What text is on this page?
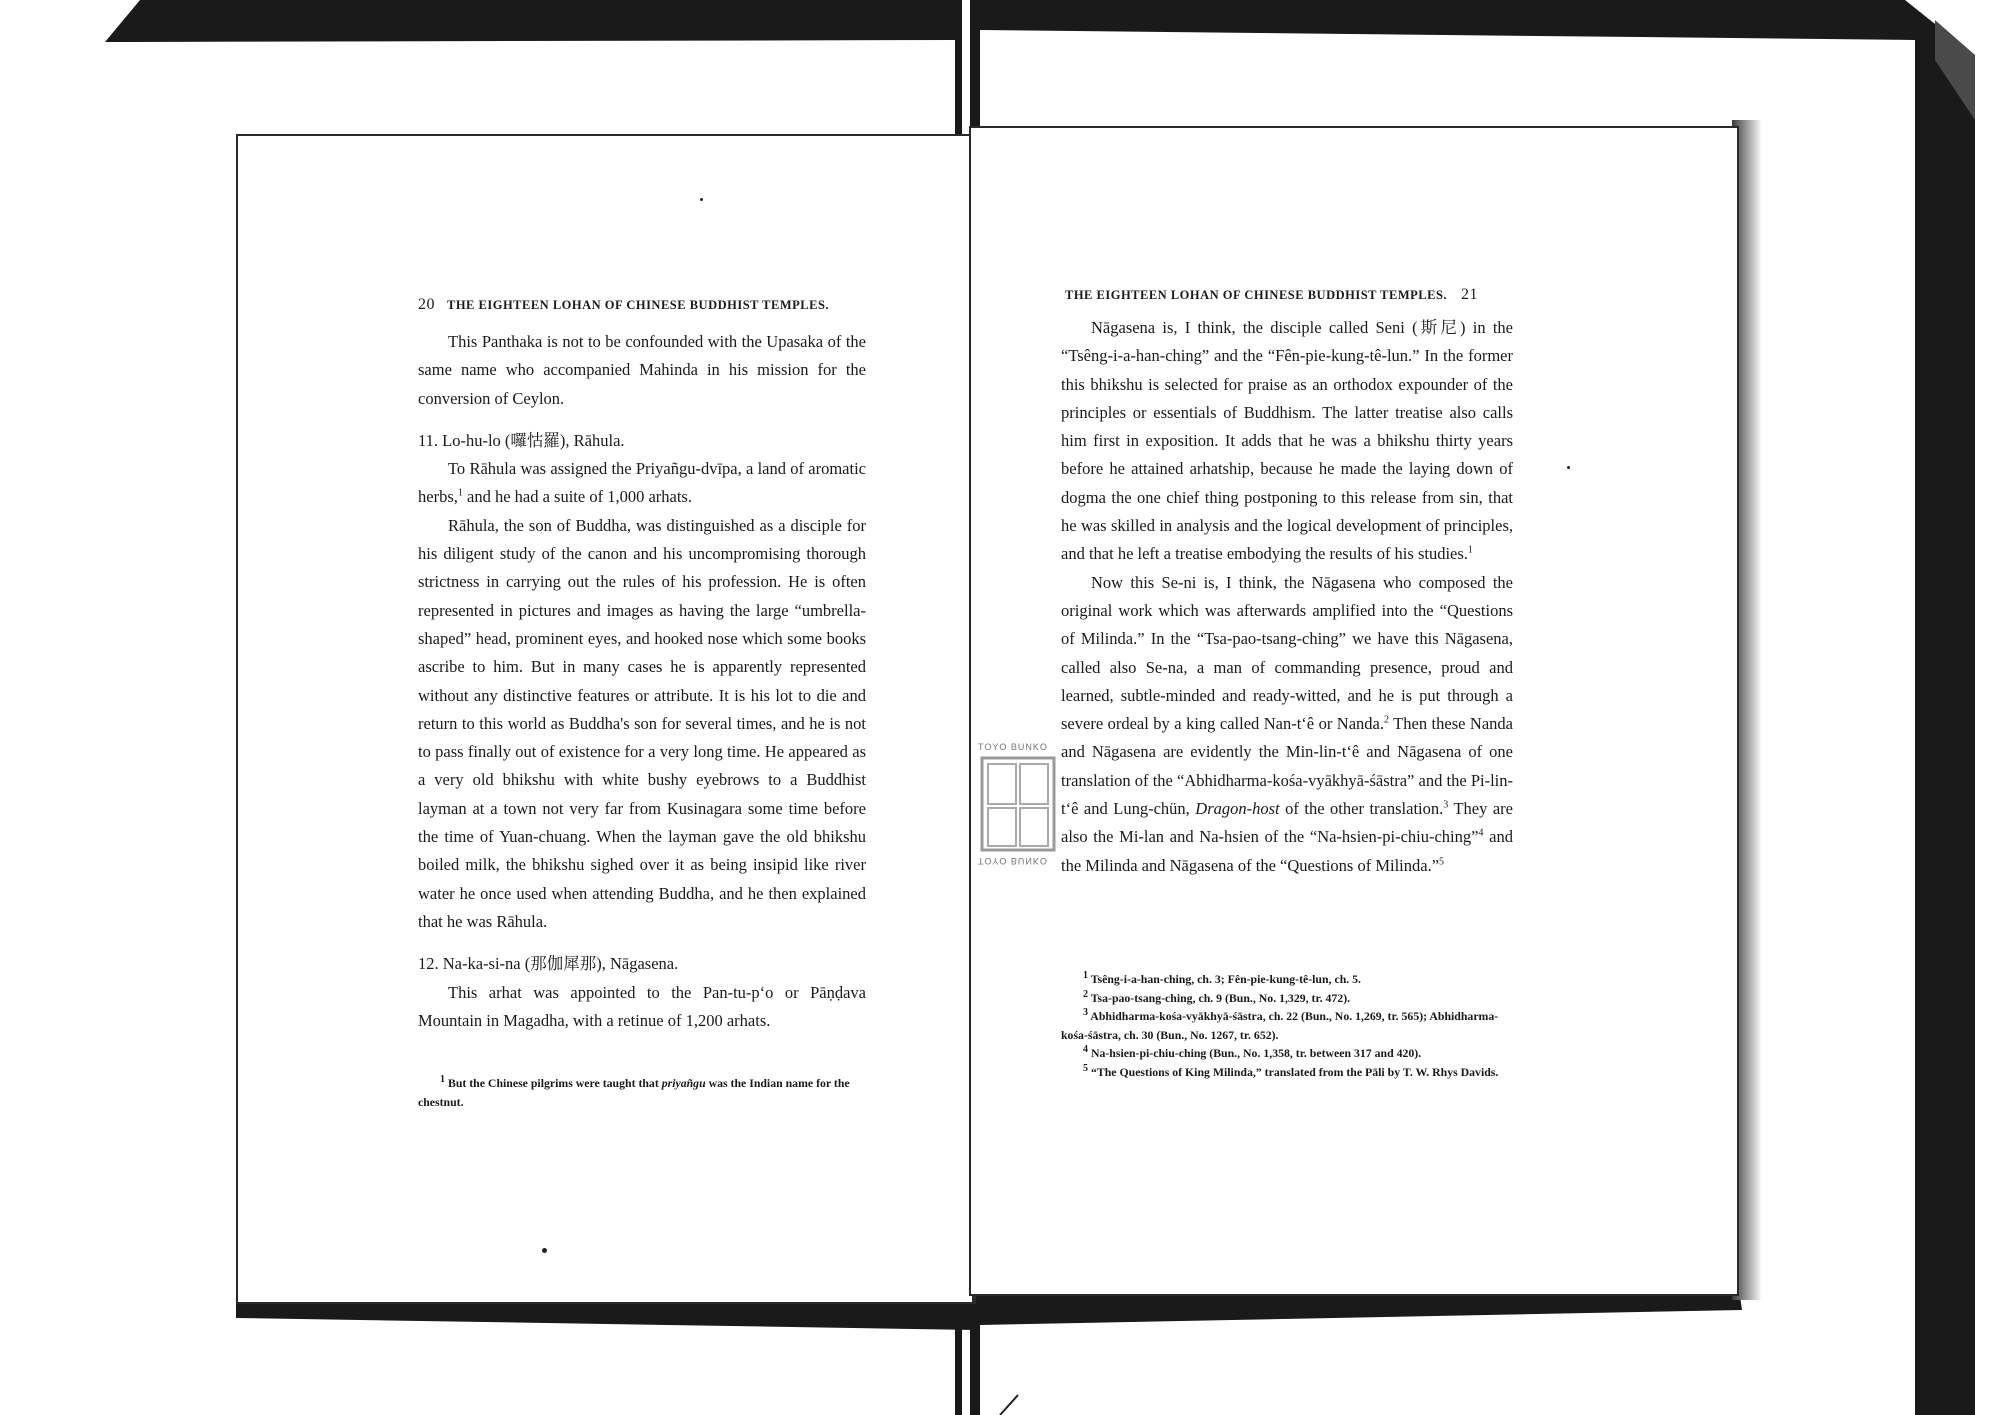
20 THE EIGHTEEN LOHAN OF CHINESE BUDDHIST TEMPLES.

This Panthaka is not to be confounded with the Upasaka of the same name who accompanied Mahinda in his mission for the conversion of Ceylon.

11. Lo-hu-lo (囉怙羅), Rāhula.

To Rāhula was assigned the Priyañgu-dvīpa, a land of aromatic herbs,$^1$ and he had a suite of 1,000 arhats.

Rāhula, the son of Buddha, was distinguished as a disciple for his diligent study of the canon and his uncompromising thorough strictness in carrying out the rules of his profession. He is often represented in pictures and images as having the large “umbrella-shaped” head, prominent eyes, and hooked nose which some books ascribe to him. But in many cases he is apparently represented without any distinctive features or attribute. It is his lot to die and return to this world as Buddha's son for several times, and he is not to pass finally out of existence for a very long time. He appeared as a very old bhikshu with white bushy eyebrows to a Buddhist layman at a town not very far from Kusinagara some time before the time of Yuan-chuang. When the layman gave the old bhikshu boiled milk, the bhikshu sighed over it as being insipid like river water he once used when attending Buddha, and he then explained that he was Rāhula.

12. Na-ka-si-na (那伽犀那), Nāgasena.

This arhat was appointed to the Pan-tu-p‘o or Pāṇḍava Mountain in Magadha, with a retinue of 1,200 arhats.

$^1$ But the Chinese pilgrims were taught that priyañgu was the Indian name for the chestnut.

THE EIGHTEEN LOHAN OF CHINESE BUDDHIST TEMPLES. 21

Nāgasena is, I think, the disciple called Seni (斯尼) in the “Tsêng-i-a-han-ching” and the “Fên-pie-kung-tê-lun.” In the former this bhikshu is selected for praise as an orthodox expounder of the principles or essentials of Buddhism. The latter treatise also calls him first in exposition. It adds that he was a bhikshu thirty years before he attained arhatship, because he made the laying down of dogma the one chief thing postponing to this release from sin, that he was skilled in analysis and the logical development of principles, and that he left a treatise embodying the results of his studies.$^1$

Now this Se-ni is, I think, the Nāgasena who composed the original work which was afterwards amplified into the “Questions of Milinda.” In the “Tsa-pao-tsang-ching” we have this Nāgasena, called also Se-na, a man of commanding presence, proud and learned, subtle-minded and ready-witted, and he is put through a severe ordeal by a king called Nan-t‘ê or Nanda.$^2$ Then these Nanda and Nāgasena are evidently the Min-lin-t‘ê and Nāgasena of one translation of the “Abhidharma-kośa-vyākhyā-śāstra” and the Pi-lin-t‘ê and Lung-chün, Dragon-host of the other translation.$^3$ They are also the Mi-lan and Na-hsien of the “Na-hsien-pi-chiu-ching”$^4$ and the Milinda and Nāgasena of the “Questions of Milinda.”$^5$

$^1$ Tsêng-i-a-han-ching, ch. 3; Fên-pie-kung-tê-lun, ch. 5.

$^2$ Tsa-pao-tsang-ching, ch. 9 (Bun., No. 1,329, tr. 472).

$^3$ Abhidharma-kośa-vyākhyā-śāstra, ch. 22 (Bun., No. 1,269, tr. 565); Abhidharma-kośa-śāstra, ch. 30 (Bun., No. 1267, tr. 652).

$^4$ Na-hsien-pi-chiu-ching (Bun., No. 1,358, tr. between 317 and 420).

$^5$ “The Questions of King Milinda,” translated from the Pāli by T. W. Rhys Davids.

TOYO BUNKO
TOYO BUNKO
